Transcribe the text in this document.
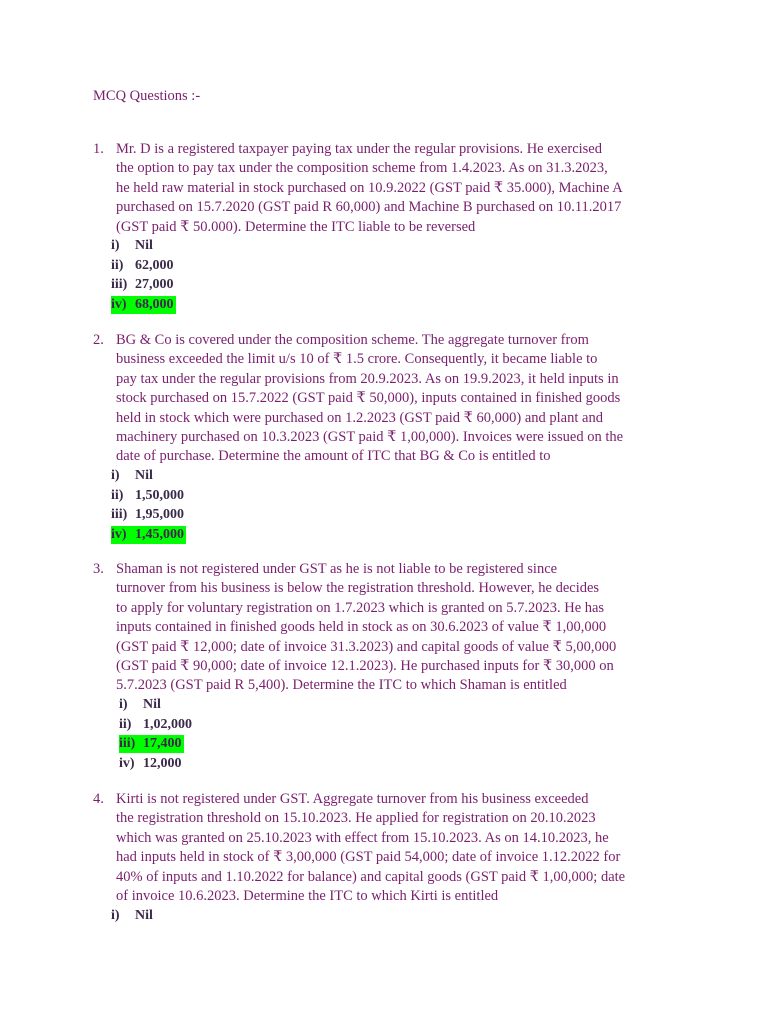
MCQ Questions :-
1. Mr. D is a registered taxpayer paying tax under the regular provisions. He exercised
the option to pay tax under the composition scheme from 1.4.2023. As on 31.3.2023,
he held raw material in stock purchased on 10.9.2022 (GST paid ₹ 35.000), Machine A
purchased on 15.7.2020 (GST paid R 60,000) and Machine B purchased on 10.11.2017
(GST paid ₹ 50.000). Determine the ITC liable to be reversed

i) Nil
ii) 62,000
iii) 27,000
iv) 68,000
2. BG & Co is covered under the composition scheme. The aggregate turnover from
business exceeded the limit u/s 10 of ₹ 1.5 crore. Consequently, it became liable to
pay tax under the regular provisions from 20.9.2023. As on 19.9.2023, it held inputs in
stock purchased on 15.7.2022 (GST paid ₹ 50,000), inputs contained in finished goods
held in stock which were purchased on 1.2.2023 (GST paid ₹ 60,000) and plant and
machinery purchased on 10.3.2023 (GST paid ₹ 1,00,000). Invoices were issued on the
date of purchase. Determine the amount of ITC that BG & Co is entitled to

i) Nil
ii) 1,50,000
iii) 1,95,000
iv) 1,45,000
3. Shaman is not registered under GST as he is not liable to be registered since
turnover from his business is below the registration threshold. However, he decides
to apply for voluntary registration on 1.7.2023 which is granted on 5.7.2023. He has
inputs contained in finished goods held in stock as on 30.6.2023 of value ₹ 1,00,000
(GST paid ₹ 12,000; date of invoice 31.3.2023) and capital goods of value ₹ 5,00,000
(GST paid ₹ 90,000; date of invoice 12.1.2023). He purchased inputs for ₹ 30,000 on
5.7.2023 (GST paid R 5,400). Determine the ITC to which Shaman is entitled

i) Nil
ii) 1,02,000
iii) 17,400
iv) 12,000
4. Kirti is not registered under GST. Aggregate turnover from his business exceeded
the registration threshold on 15.10.2023. He applied for registration on 20.10.2023
which was granted on 25.10.2023 with effect from 15.10.2023. As on 14.10.2023, he
had inputs held in stock of ₹ 3,00,000 (GST paid 54,000; date of invoice 1.12.2022 for
40% of inputs and 1.10.2022 for balance) and capital goods (GST paid ₹ 1,00,000; date
of invoice 10.6.2023. Determine the ITC to which Kirti is entitled

i) Nil
